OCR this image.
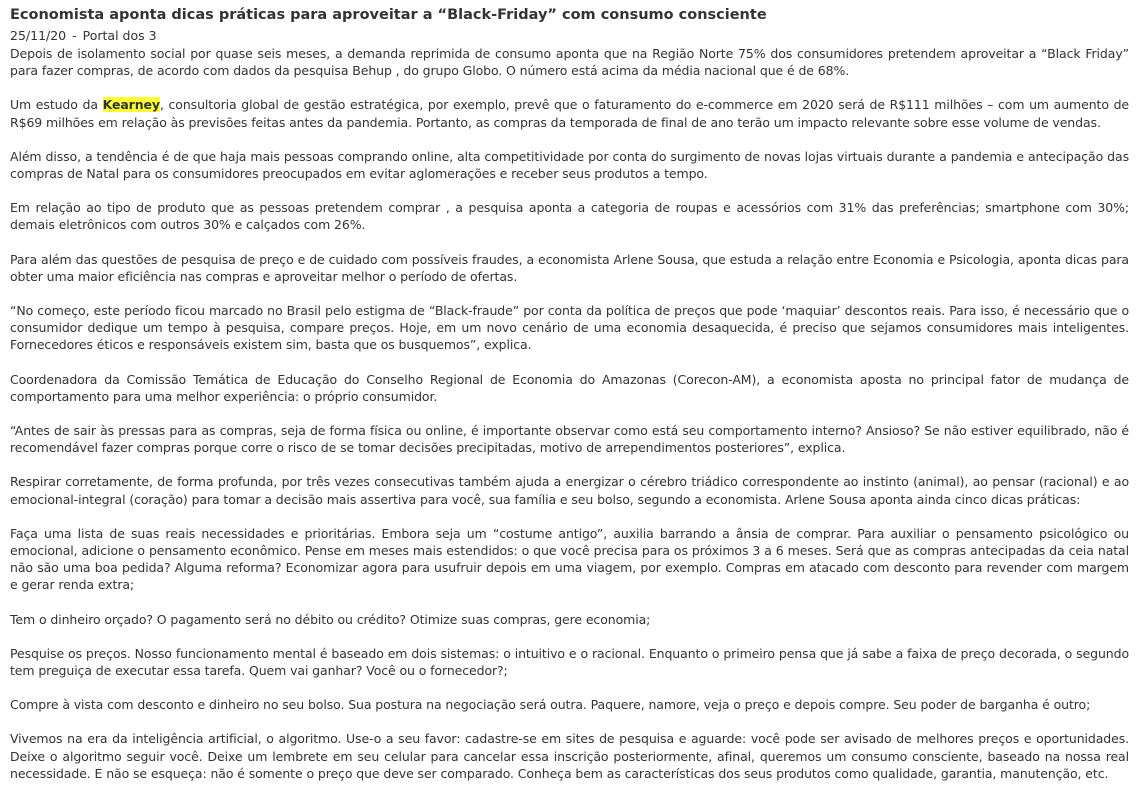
Economista aponta dicas práticas para aproveitar a “Black-Friday” com consumo consciente
25/11/20 - Portal dos 3

Depois de isolamento social por quase seis meses, a demanda reprimida de consumo aponta que na Região Norte 75% dos consumidores pretendem aproveitar a “Black Friday” para fazer compras, de acordo com dados da pesquisa Behup , do grupo Globo. O número está acima da média nacional que é de 68%.

Um estudo da Kearney, consultoria global de gestão estratégica, por exemplo, prevê que o faturamento do e-commerce em 2020 será de R$111 milhões – com um aumento de R$69 milhões em relação às previsões feitas antes da pandemia. Portanto, as compras da temporada de final de ano terão um impacto relevante sobre esse volume de vendas.

Além disso, a tendência é de que haja mais pessoas comprando online, alta competitividade por conta do surgimento de novas lojas virtuais durante a pandemia e antecipação das compras de Natal para os consumidores preocupados em evitar aglomerações e receber seus produtos a tempo.

Em relação ao tipo de produto que as pessoas pretendem comprar , a pesquisa aponta a categoria de roupas e acessórios com 31% das preferências; smartphone com 30%; demais eletrônicos com outros 30% e calçados com 26%.

Para além das questões de pesquisa de preço e de cuidado com possíveis fraudes, a economista Arlene Sousa, que estuda a relação entre Economia e Psicologia, aponta dicas para obter uma maior eficiência nas compras e aproveitar melhor o período de ofertas.

“No começo, este período ficou marcado no Brasil pelo estigma de “Black-fraude” por conta da política de preços que pode ‘maquiar’ descontos reais. Para isso, é necessário que o consumidor dedique um tempo à pesquisa, compare preços. Hoje, em um novo cenário de uma economia desaquecida, é preciso que sejamos consumidores mais inteligentes. Fornecedores éticos e responsáveis existem sim, basta que os busquemos”, explica.

Coordenadora da Comissão Temática de Educação do Conselho Regional de Economia do Amazonas (Corecon-AM), a economista aposta no principal fator de mudança de comportamento para uma melhor experiência: o próprio consumidor.

“Antes de sair às pressas para as compras, seja de forma física ou online, é importante observar como está seu comportamento interno? Ansioso? Se não estiver equilibrado, não é recomendável fazer compras porque corre o risco de se tomar decisões precipitadas, motivo de arrependimentos posteriores”, explica.

Respirar corretamente, de forma profunda, por três vezes consecutivas também ajuda a energizar o cérebro triádico correspondente ao instinto (animal), ao pensar (racional) e ao emocional-integral (coração) para tomar a decisão mais assertiva para você, sua família e seu bolso, segundo a economista. Arlene Sousa aponta ainda cinco dicas práticas:

Faça uma lista de suas reais necessidades e prioritárias. Embora seja um “costume antigo”, auxilia barrando a ânsia de comprar. Para auxiliar o pensamento psicológico ou emocional, adicione o pensamento econômico. Pense em meses mais estendidos: o que você precisa para os próximos 3 a 6 meses. Será que as compras antecipadas da ceia natal não são uma boa pedida? Alguma reforma? Economizar agora para usufruir depois em uma viagem, por exemplo. Compras em atacado com desconto para revender com margem e gerar renda extra;

Tem o dinheiro orçado? O pagamento será no débito ou crédito? Otimize suas compras, gere economia;

Pesquise os preços. Nosso funcionamento mental é baseado em dois sistemas: o intuitivo e o racional. Enquanto o primeiro pensa que já sabe a faixa de preço decorada, o segundo tem preguiça de executar essa tarefa. Quem vai ganhar? Você ou o fornecedor?;

Compre à vista com desconto e dinheiro no seu bolso. Sua postura na negociação será outra. Paquere, namore, veja o preço e depois compre. Seu poder de barganha é outro;

Vivemos na era da inteligência artificial, o algoritmo. Use-o a seu favor: cadastre-se em sites de pesquisa e aguarde: você pode ser avisado de melhores preços e oportunidades. Deixe o algoritmo seguir você. Deixe um lembrete em seu celular para cancelar essa inscrição posteriormente, afinal, queremos um consumo consciente, baseado na nossa real necessidade. E não se esqueça: não é somente o preço que deve ser comparado. Conheça bem as características dos seus produtos como qualidade, garantia, manutenção, etc.
